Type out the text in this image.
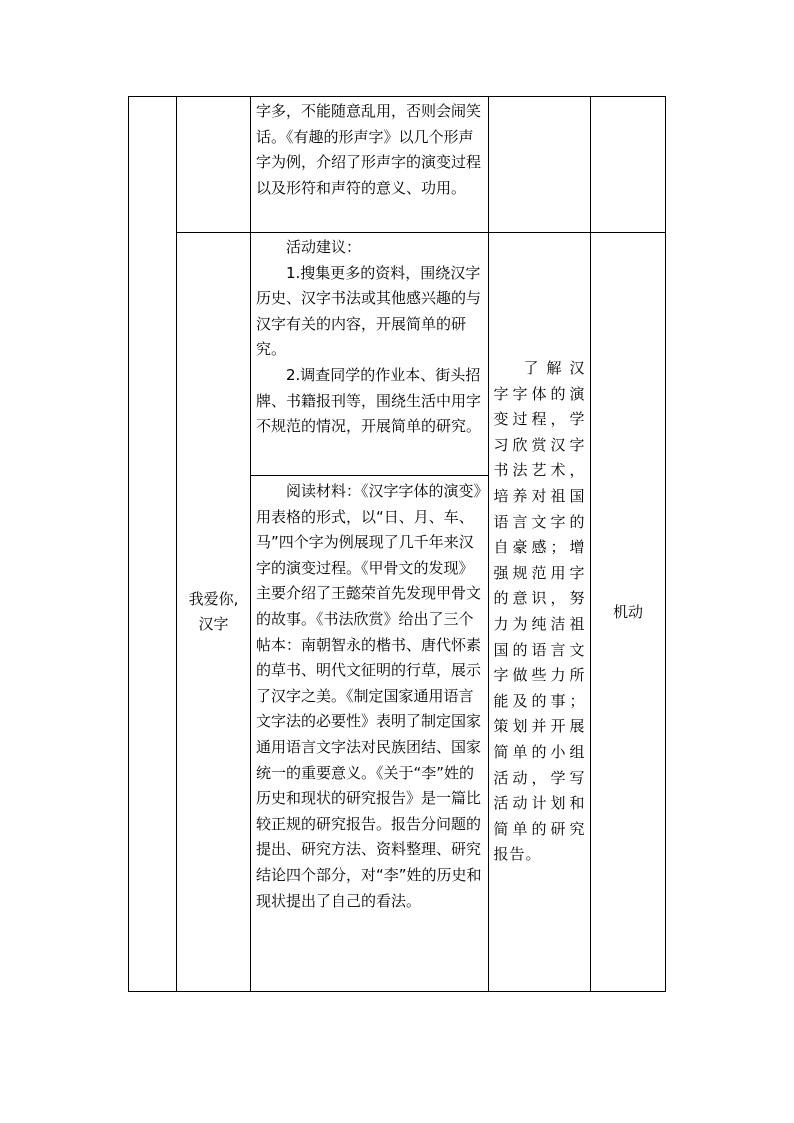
字多，不能随意乱用，否则会闹笑话。《有趣的形声字》以几个形声字为例，介绍了形声字的演变过程以及形符和声符的意义、功用。

我爱你,汉字

活动建议：

1.搜集更多的资料，围绕汉字历史、汉字书法或其他感兴趣的与汉字有关的内容，开展简单的研究。

2.调查同学的作业本、街头招牌、书籍报刊等，围绕生活中用字不规范的情况，开展简单的研究。

阅读材料：《汉字字体的演变》用表格的形式，以“日、月、车、马”四个字为例展现了几千年来汉字的演变过程。《甲骨文的发现》主要介绍了王懿荣首先发现甲骨文的故事。《书法欣赏》给出了三个帖本：南朝智永的楷书、唐代怀素的草书、明代文征明的行草，展示了汉字之美。《制定国家通用语言文字法的必要性》表明了制定国家通用语言文字法对民族团结、国家统一的重要意义。《关于“李”姓的历史和现状的研究报告》是一篇比较正规的研究报告。报告分问题的提出、研究方法、资料整理、研究结论四个部分，对“李”姓的历史和现状提出了自己的看法。

了解汉字字体的演变过程，学习欣赏汉字书法艺术，培养对祖国语言文字的自豪感；增强规范用字的意识，努力为纯洁祖国的语言文字做些力所能及的事；策划并开展简单的小组活动，学写活动计划和简单的研究报告。
机动
